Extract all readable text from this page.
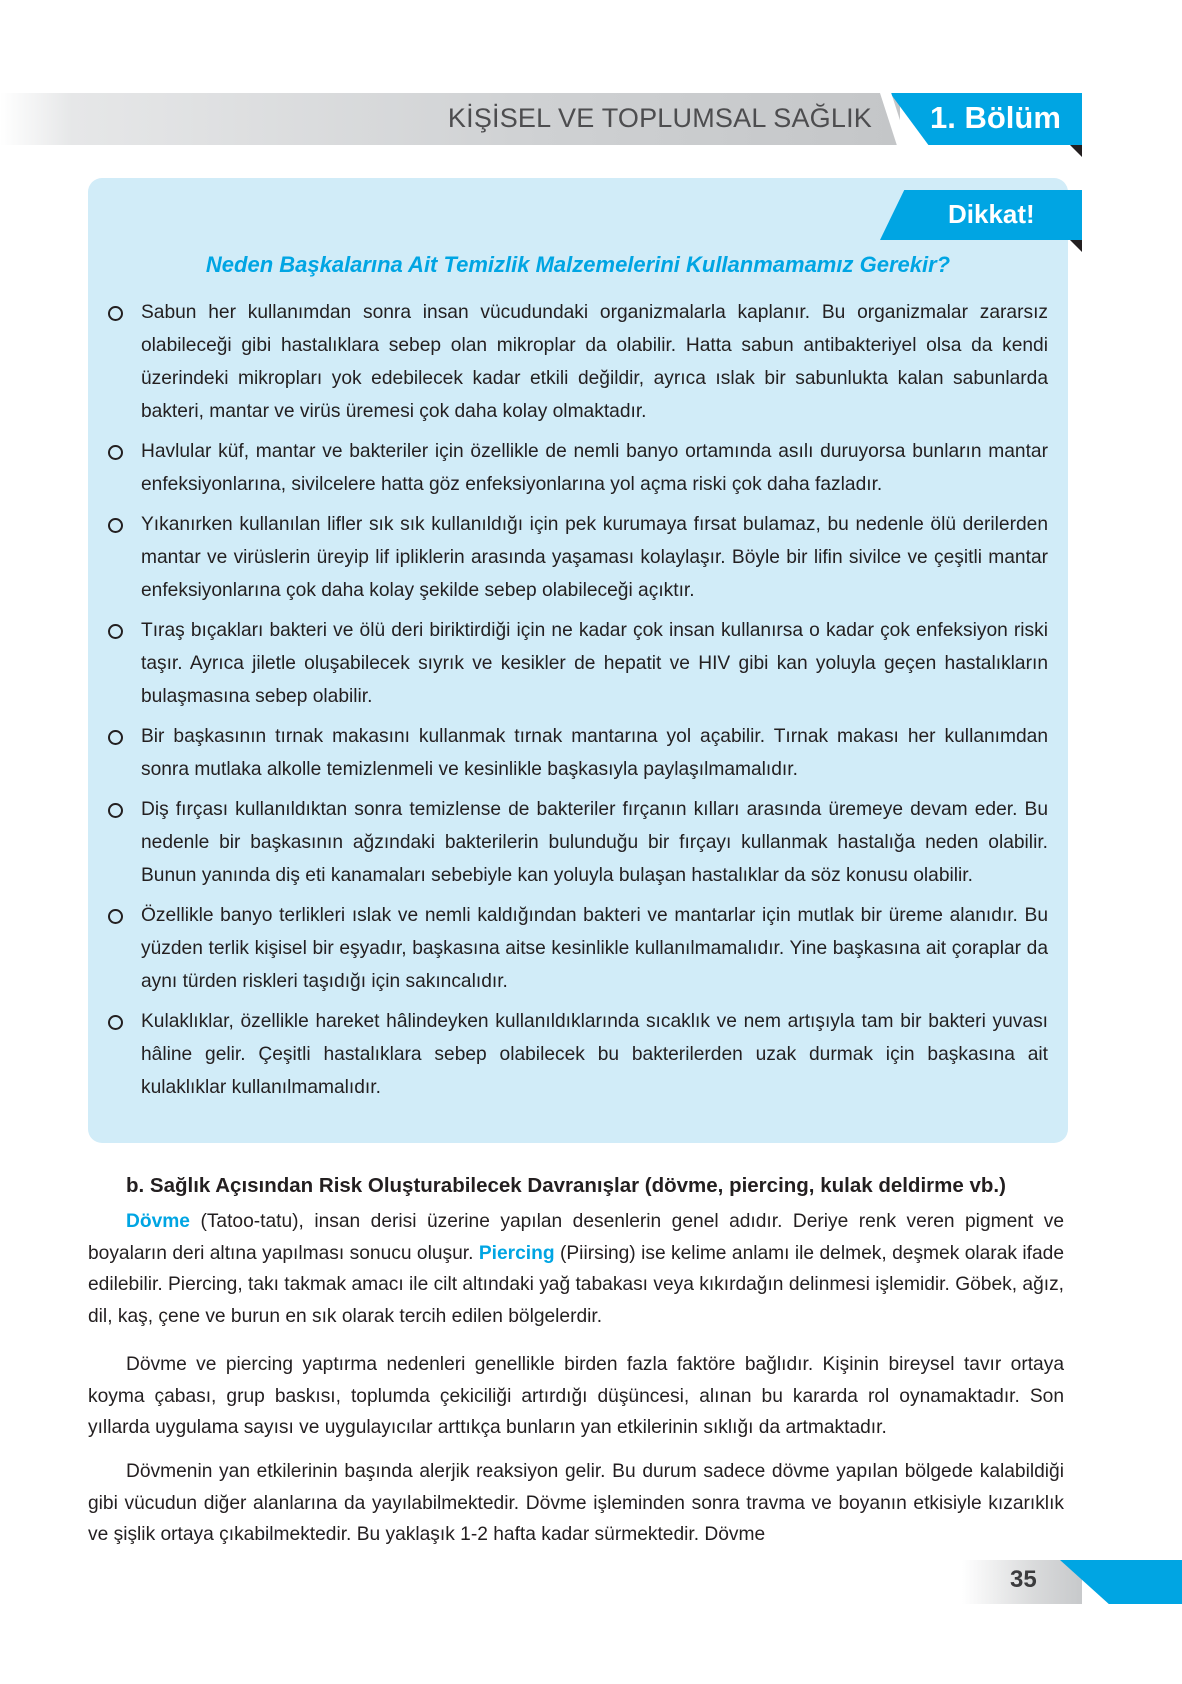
KİŞİSEL VE TOPLUMSAL SAĞLIK 1. Bölüm
Dikkat!
Neden Başkalarına Ait Temizlik Malzemelerini Kullanmamamız Gerekir?
Sabun her kullanımdan sonra insan vücudundaki organizmalarla kaplanır. Bu organizmalar zararsız olabileceği gibi hastalıklara sebep olan mikroplar da olabilir. Hatta sabun antibakteriyel olsa da kendi üzerindeki mikropları yok edebilecek kadar etkili değildir, ayrıca ıslak bir sabunlukta kalan sabunlarda bakteri, mantar ve virüs üremesi çok daha kolay olmaktadır.
Havlular küf, mantar ve bakteriler için özellikle de nemli banyo ortamında asılı duruyorsa bunların mantar enfeksiyonlarına, sivilcelere hatta göz enfeksiyonlarına yol açma riski çok daha fazladır.
Yıkanırken kullanılan lifler sık sık kullanıldığı için pek kurumaya fırsat bulamaz, bu nedenle ölü derilerden mantar ve virüslerin üreyip lif ipliklerin arasında yaşaması kolaylaşır. Böyle bir lifin sivilce ve çeşitli mantar enfeksiyonlarına çok daha kolay şekilde sebep olabileceği açıktır.
Tıraş bıçakları bakteri ve ölü deri biriktirdiği için ne kadar çok insan kullanırsa o kadar çok enfeksiyon riski taşır. Ayrıca jiletle oluşabilecek sıyrık ve kesikler de hepatit ve HIV gibi kan yoluyla geçen hastalıkların bulaşmasına sebep olabilir.
Bir başkasının tırnak makasını kullanmak tırnak mantarına yol açabilir. Tırnak makası her kullanımdan sonra mutlaka alkolle temizlenmeli ve kesinlikle başkasıyla paylaşılmamalıdır.
Diş fırçası kullanıldıktan sonra temizlense de bakteriler fırçanın kılları arasında üremeye devam eder. Bu nedenle bir başkasının ağzındaki bakterilerin bulunduğu bir fırçayı kullanmak hastalığa neden olabilir. Bunun yanında diş eti kanamaları sebebiyle kan yoluyla bulaşan hastalıklar da söz konusu olabilir.
Özellikle banyo terlikleri ıslak ve nemli kaldığından bakteri ve mantarlar için mutlak bir üreme alanıdır. Bu yüzden terlik kişisel bir eşyadır, başkasına aitse kesinlikle kullanılmamalıdır. Yine başkasına ait çoraplar da aynı türden riskleri taşıdığı için sakıncalıdır.
Kulaklıklar, özellikle hareket hâlindeyken kullanıldıklarında sıcaklık ve nem artışıyla tam bir bakteri yuvası hâline gelir. Çeşitli hastalıklara sebep olabilecek bu bakterilerden uzak durmak için başkasına ait kulaklıklar kullanılmamalıdır.
b. Sağlık Açısından Risk Oluşturabilecek Davranışlar (dövme, piercing, kulak deldirme vb.)

Dövme (Tatoo-tatu), insan derisi üzerine yapılan desenlerin genel adıdır. Deriye renk veren pigment ve boyaların deri altına yapılması sonucu oluşur. Piercing (Piirsing) ise kelime anlamı ile delmek, deşmek olarak ifade edilebilir. Piercing, takı takmak amacı ile cilt altındaki yağ tabakası veya kıkırdağın delinmesi işlemidir. Göbek, ağız, dil, kaş, çene ve burun en sık olarak tercih edilen bölgelerdir.

Dövme ve piercing yaptırma nedenleri genellikle birden fazla faktöre bağlıdır. Kişinin bireysel tavır ortaya koyma çabası, grup baskısı, toplumda çekiciliği artırdığı düşüncesi, alınan bu kararda rol oynamaktadır. Son yıllarda uygulama sayısı ve uygulayıcılar arttıkça bunların yan etkilerinin sıklığı da artmaktadır.

Dövmenin yan etkilerinin başında alerjik reaksiyon gelir. Bu durum sadece dövme yapılan bölgede kalabildiği gibi vücudun diğer alanlarına da yayılabilmektedir. Dövme işleminden sonra travma ve boyanın etkisiyle kızarıklık ve şişlik ortaya çıkabilmektedir. Bu yaklaşık 1-2 hafta kadar sürmektedir. Dövme

35
